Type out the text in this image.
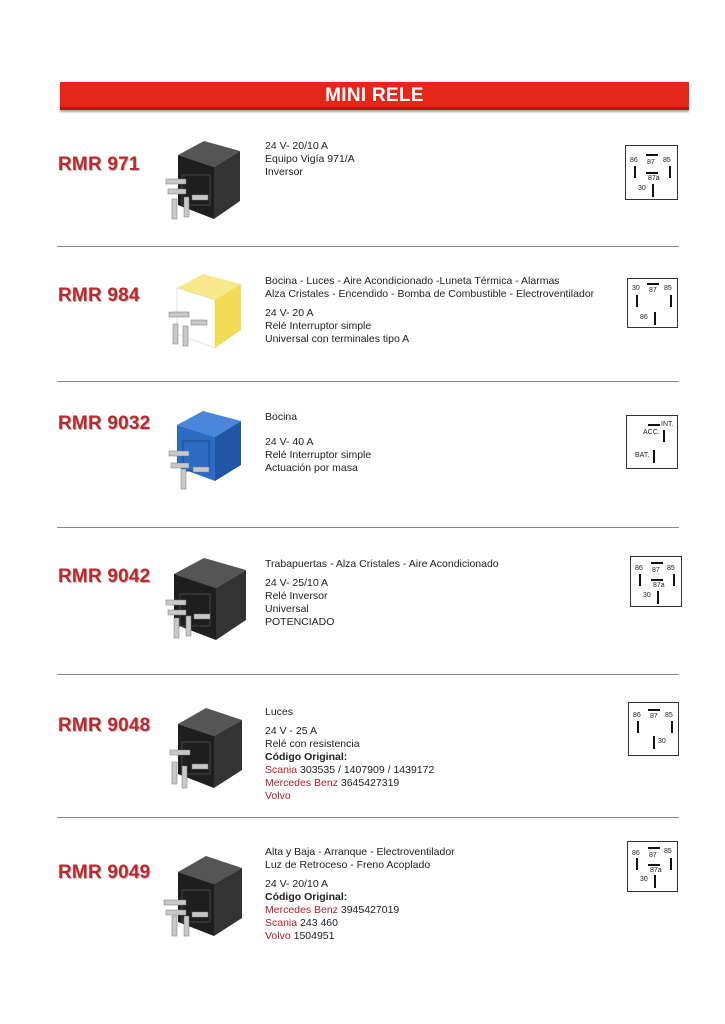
MINI RELE
RMR 971
24 V- 20/10 A
Equipo Vigía 971/A
Inversor
86 87 85
87a
30
RMR 984
Bocina - Luces - Aire Acondicionado -Luneta Térmica - Alarmas
Alza Cristales - Encendido - Bomba de Combustible - Electroventilador
24 V- 20 A
Relé Interruptor simple
Universal con terminales tipo A
30 87 85
86
RMR 9032	Bocina
24 V- 40 A
Relé Interruptor simple
Actuación por masa
INT.
ACC.
BAT.
RMR 9042
Trabapuertas - Alza Cristales - Aire Acondicionado
24 V- 25/10 A
Relé Inversor
Universal
POTENCIADO
86 87 85
87a
30
RMR 9048
Luces
24 V - 25 A
Relé con resistencia
Código Original:
Scania 303535 / 1407909 / 1439172
Mercedes Benz 3645427319
Volvo
86 87 85
30
RMR 9049
Alta y Baja - Arranque - Electroventilador
Luz de Retroceso - Freno Acoplado
24 V- 20/10 A
Código Original:
Mercedes Benz 3945427019
Scania 243 460
Volvo 1504951
86 87
85
87a
30
